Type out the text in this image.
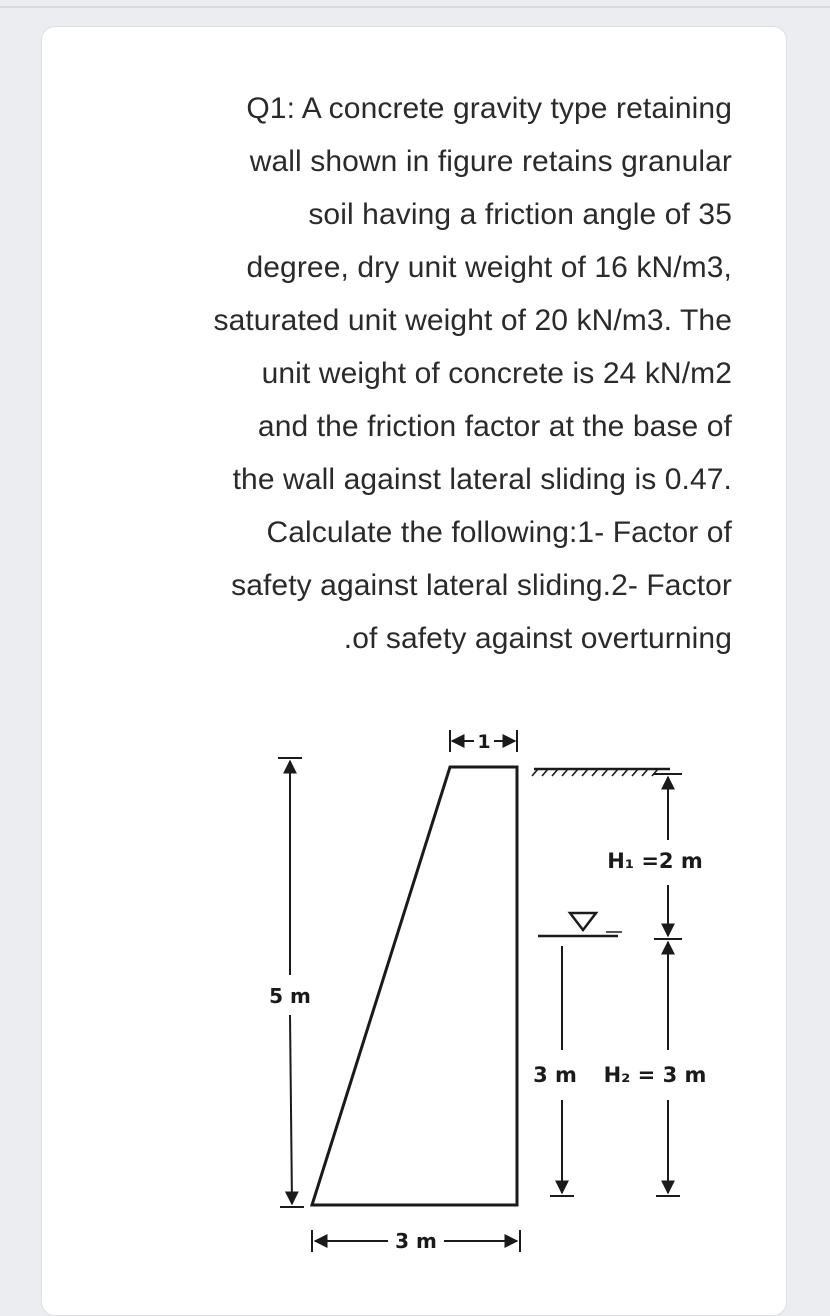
Q1: A concrete gravity type retaining
wall shown in figure retains granular
soil having a friction angle of 35
degree, dry unit weight of 16 kN/m3,
saturated unit weight of 20 kN/m3. The
unit weight of concrete is 24 kN/m2
and the friction factor at the base of
the wall against lateral sliding is 0.47.
Calculate the following:1- Factor of
safety against lateral sliding.2- Factor
.of safety against overturning

1
5 m
3 m
H₁ =2 m
H₂ = 3 m
3 m
